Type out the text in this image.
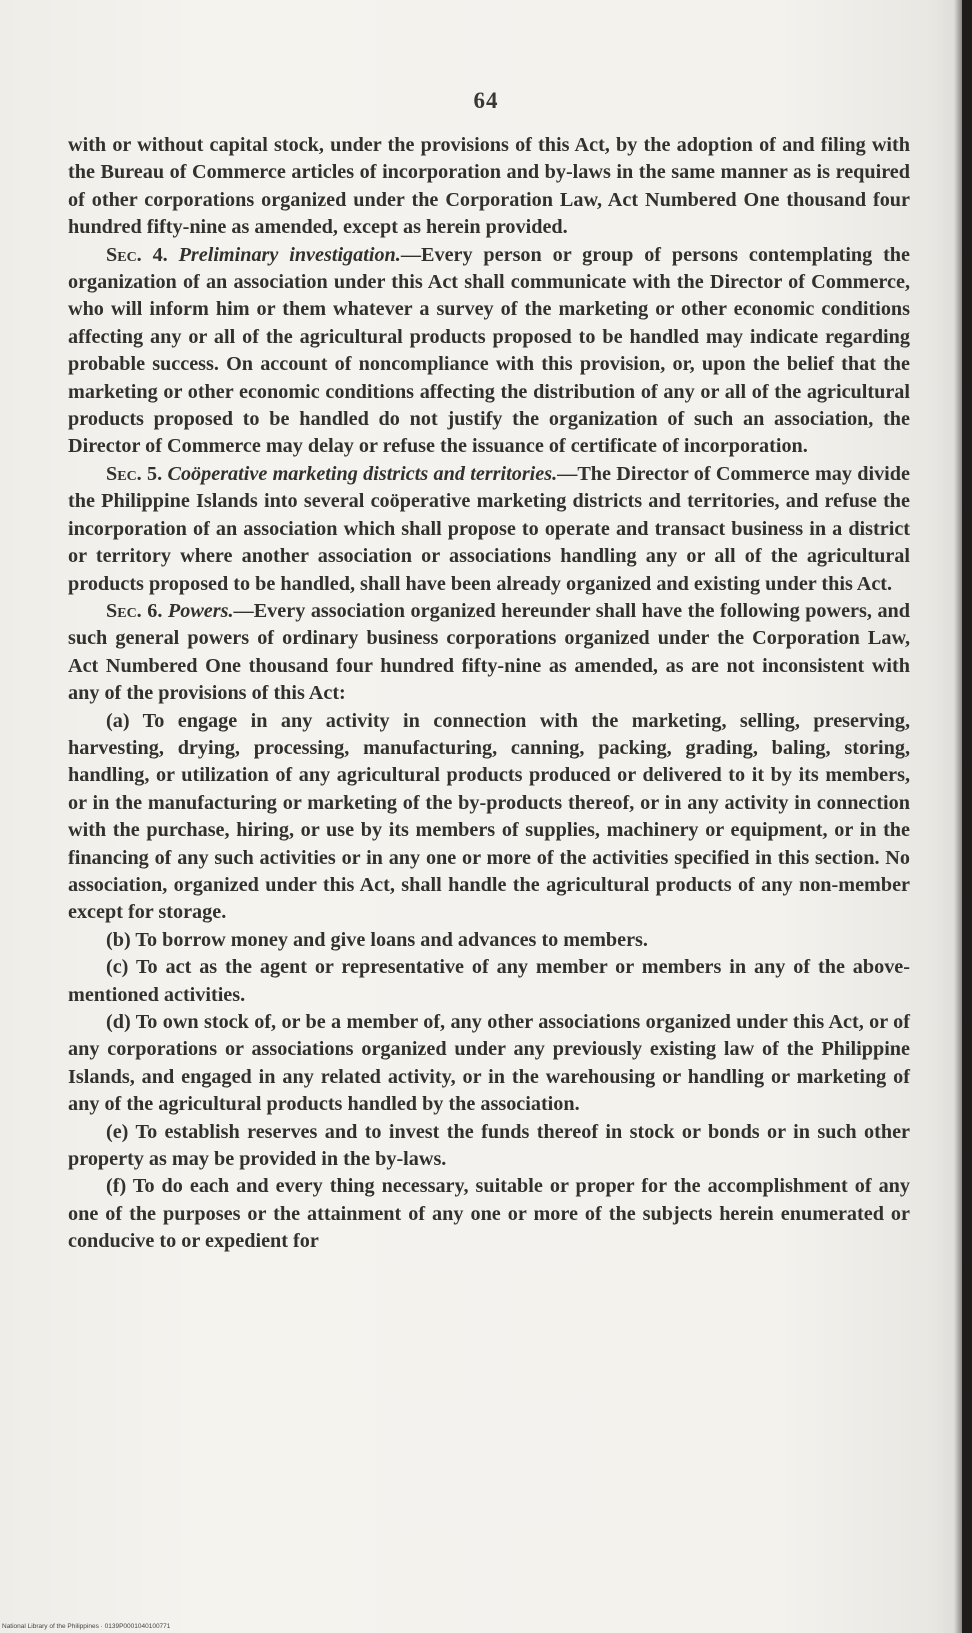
64

with or without capital stock, under the provisions of this Act, by the adoption of and filing with the Bureau of Commerce articles of incorporation and by-laws in the same manner as is required of other corporations organized under the Corporation Law, Act Numbered One thousand four hundred fifty-nine as amended, except as herein provided.

Sec. 4. Preliminary investigation.—Every person or group of persons contemplating the organization of an association under this Act shall communicate with the Director of Commerce, who will inform him or them whatever a survey of the marketing or other economic conditions affecting any or all of the agricultural products proposed to be handled may indicate regarding probable success. On account of noncompliance with this provision, or, upon the belief that the marketing or other economic conditions affecting the distribution of any or all of the agricultural products proposed to be handled do not justify the organization of such an association, the Director of Commerce may delay or refuse the issuance of certificate of incorporation.

Sec. 5. Coöperative marketing districts and territories.—The Director of Commerce may divide the Philippine Islands into several coöperative marketing districts and territories, and refuse the incorporation of an association which shall propose to operate and transact business in a district or territory where another association or associations handling any or all of the agricultural products proposed to be handled, shall have been already organized and existing under this Act.

Sec. 6. Powers.—Every association organized hereunder shall have the following powers, and such general powers of ordinary business corporations organized under the Corporation Law, Act Numbered One thousand four hundred fifty-nine as amended, as are not inconsistent with any of the provisions of this Act:

(a) To engage in any activity in connection with the marketing, selling, preserving, harvesting, drying, processing, manufacturing, canning, packing, grading, baling, storing, handling, or utilization of any agricultural products produced or delivered to it by its members, or in the manufacturing or marketing of the by-products thereof, or in any activity in connection with the purchase, hiring, or use by its members of supplies, machinery or equipment, or in the financing of any such activities or in any one or more of the activities specified in this section. No association, organized under this Act, shall handle the agricultural products of any non-member except for storage.

(b) To borrow money and give loans and advances to members.

(c) To act as the agent or representative of any member or members in any of the above-mentioned activities.

(d) To own stock of, or be a member of, any other associations organized under this Act, or of any corporations or associations organized under any previously existing law of the Philippine Islands, and engaged in any related activity, or in the warehousing or handling or marketing of any of the agricultural products handled by the association.

(e) To establish reserves and to invest the funds thereof in stock or bonds or in such other property as may be provided in the by-laws.

(f) To do each and every thing necessary, suitable or proper for the accomplishment of any one of the purposes or the attainment of any one or more of the subjects herein enumerated or conducive to or expedient for

National Library of the Philippines · 0139P0001040100771
